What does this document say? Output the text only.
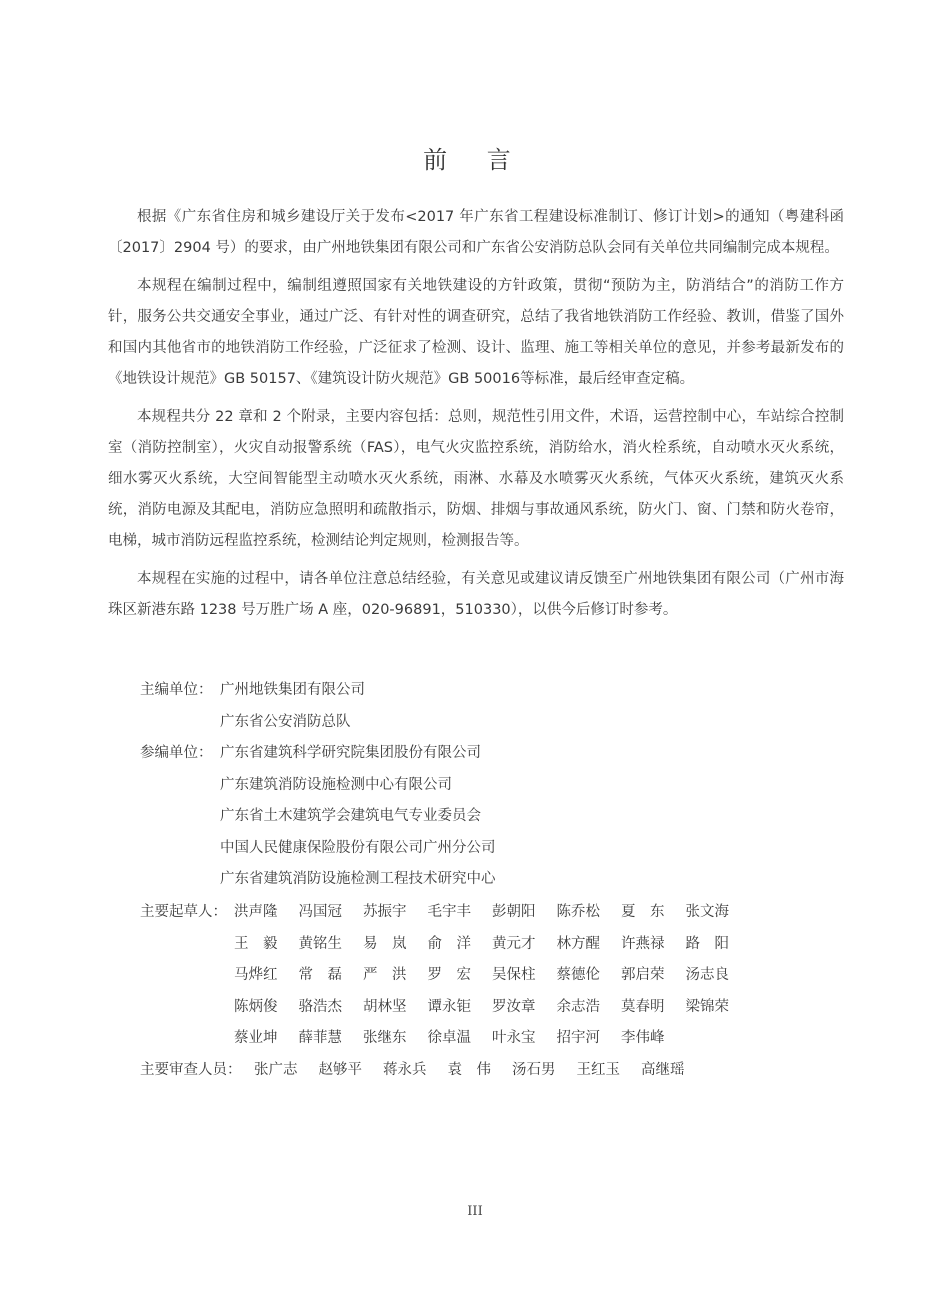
前 言

根据《广东省住房和城乡建设厅关于发布<2017 年广东省工程建设标准制订、修订计划>的通知（粤建科函〔2017〕2904 号）的要求，由广州地铁集团有限公司和广东省公安消防总队会同有关单位共同编制完成本规程。

本规程在编制过程中，编制组遵照国家有关地铁建设的方针政策，贯彻“预防为主，防消结合”的消防工作方针，服务公共交通安全事业，通过广泛、有针对性的调查研究，总结了我省地铁消防工作经验、教训，借鉴了国外和国内其他省市的地铁消防工作经验，广泛征求了检测、设计、监理、施工等相关单位的意见，并参考最新发布的《地铁设计规范》GB 50157、《建筑设计防火规范》GB 50016等标准，最后经审查定稿。

本规程共分 22 章和 2 个附录，主要内容包括：总则，规范性引用文件，术语，运营控制中心，车站综合控制室（消防控制室），火灾自动报警系统（FAS），电气火灾监控系统，消防给水，消火栓系统，自动喷水灭火系统，细水雾灭火系统，大空间智能型主动喷水灭火系统，雨淋、水幕及水喷雾灭火系统，气体灭火系统，建筑灭火系统，消防电源及其配电，消防应急照明和疏散指示，防烟、排烟与事故通风系统，防火门、窗、门禁和防火卷帘，电梯，城市消防远程监控系统，检测结论判定规则，检测报告等。

本规程在实施的过程中，请各单位注意总结经验，有关意见或建议请反馈至广州地铁集团有限公司（广州市海珠区新港东路 1238 号万胜广场 A 座，020-96891，510330），以供今后修订时参考。

主编单位： 广州地铁集团有限公司
广东省公安消防总队
参编单位： 广东省建筑科学研究院集团股份有限公司
广东建筑消防设施检测中心有限公司
广东省土木建筑学会建筑电气专业委员会
中国人民健康保险股份有限公司广州分公司
广东省建筑消防设施检测工程技术研究中心
主要起草人： 洪声隆	冯国冠	苏振宇	毛宇丰	彭朝阳	陈乔松	夏　东	张文海
王　毅	黄铭生	易　岚	俞　洋	黄元才	林方醒	许燕禄	路　阳
马烨红	常　磊	严　洪	罗　宏	吴保柱	蔡德伦	郭启荣	汤志良
陈炳俊	骆浩杰	胡林坚	谭永钜	罗汝章	余志浩	莫春明	梁锦荣
蔡业坤	薛菲慧	张继东	徐卓温	叶永宝	招宇河	李伟峰
主要审查人员： 张广志	赵够平	蒋永兵	袁　伟	汤石男	王红玉	高继瑶
III
